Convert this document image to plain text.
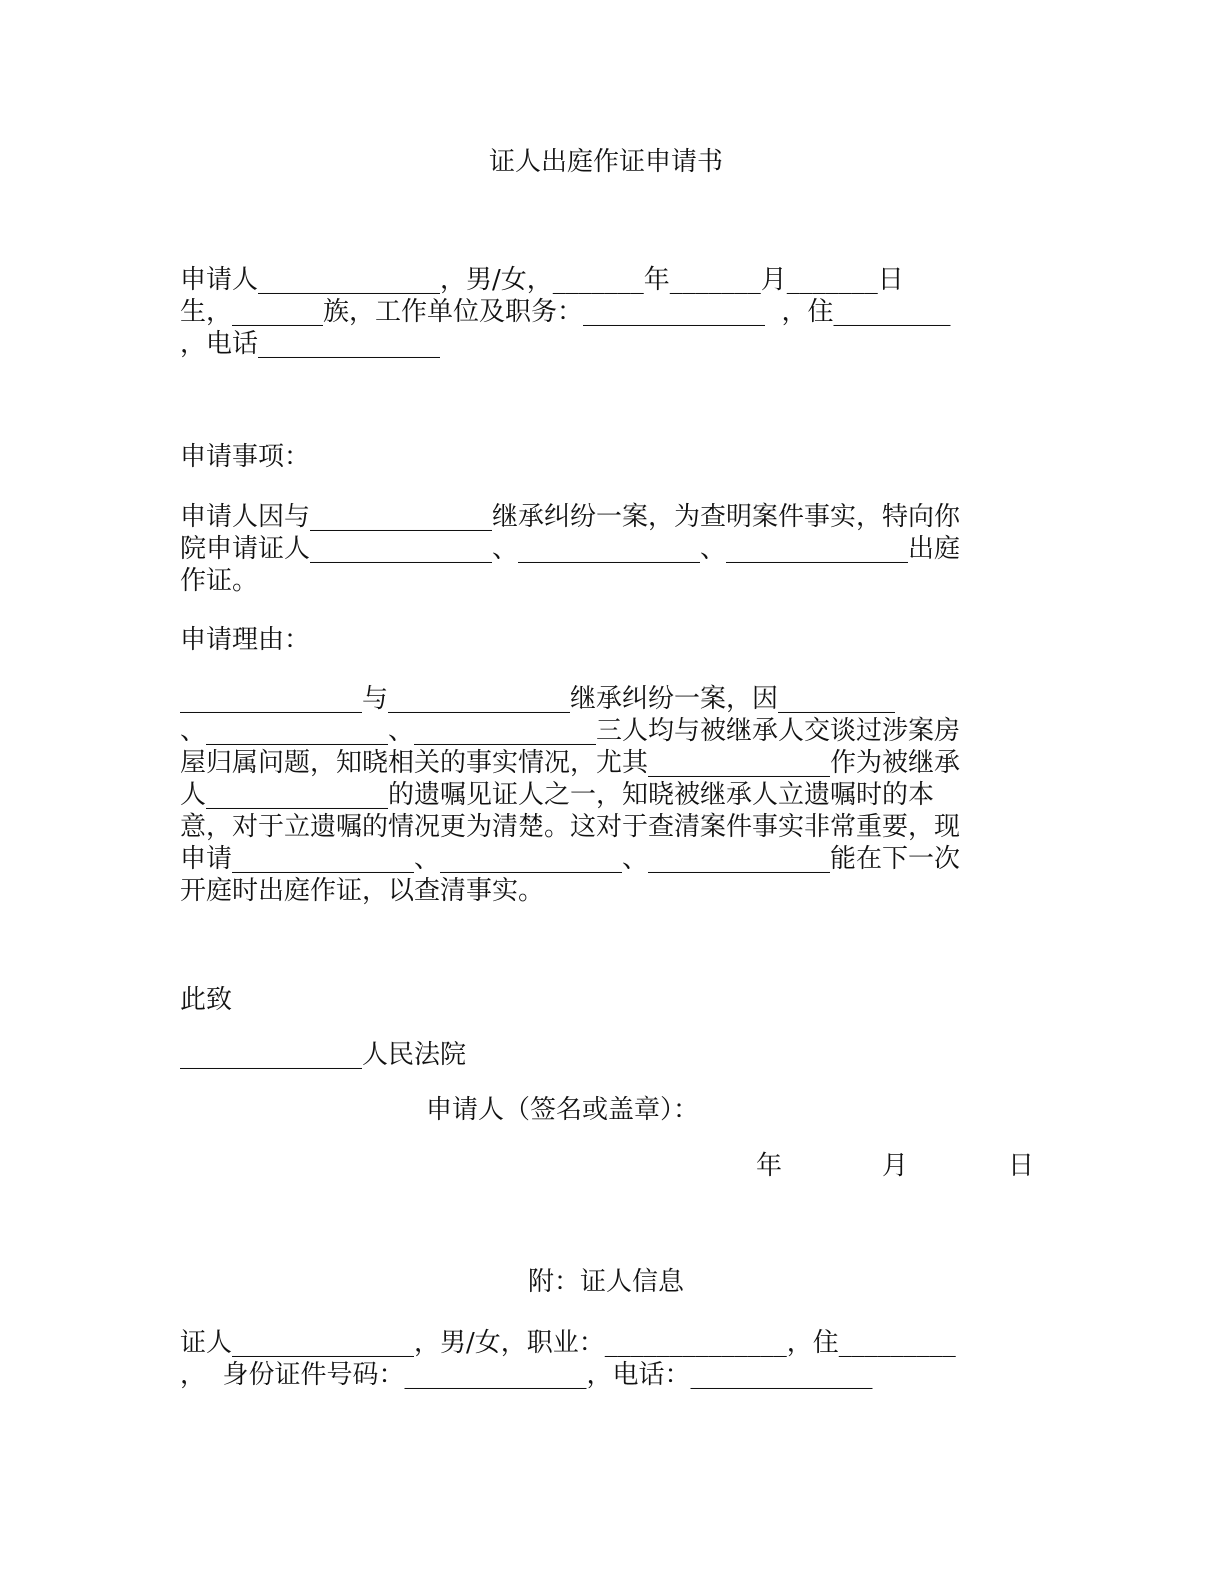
证人出庭作证申请书
申请人______________，男/女，_______年_______月_______日
生，_______族，工作单位及职务：______________  ，住_________
，电话______________
申请事项：
申请人因与______________继承纠纷一案，为查明案件事实，特向你
院申请证人______________、______________、______________出庭
作证。
申请理由：
______________与______________继承纠纷一案，因_________
、______________、______________三人均与被继承人交谈过涉案房
屋归属问题，知晓相关的事实情况，尤其______________作为被继承
人______________的遗嘱见证人之一，知晓被继承人立遗嘱时的本
意，对于立遗嘱的情况更为清楚。这对于查清案件事实非常重要，现
申请______________、______________、______________能在下一次
开庭时出庭作证，以查清事实。
此致
______________人民法院
申请人（签名或盖章）：
年	月	日
附：证人信息
证人______________，男/女，职业：______________，住_________
，  身份证件号码：______________，电话：______________
